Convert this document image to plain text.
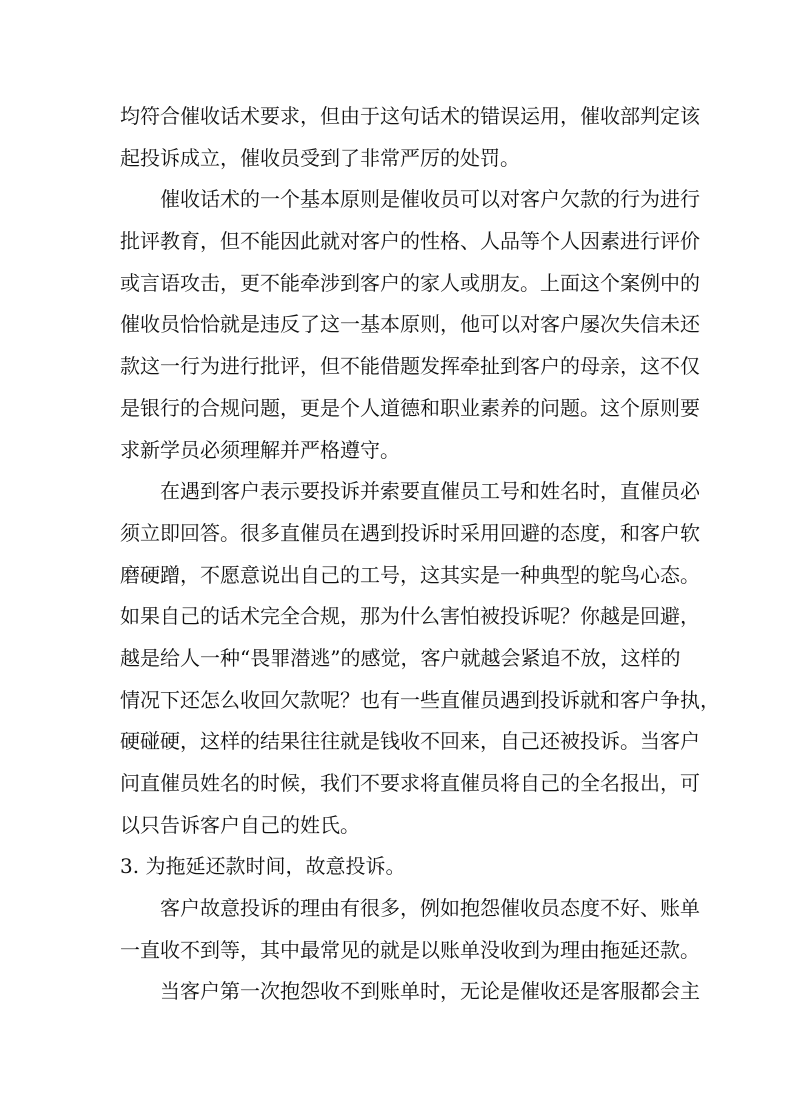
均符合催收话术要求，但由于这句话术的错误运用，催收部判定该
起投诉成立，催收员受到了非常严厉的处罚。
催收话术的一个基本原则是催收员可以对客户欠款的行为进行
批评教育，但不能因此就对客户的性格、人品等个人因素进行评价
或言语攻击，更不能牵涉到客户的家人或朋友。上面这个案例中的
催收员恰恰就是违反了这一基本原则，他可以对客户屡次失信未还
款这一行为进行批评，但不能借题发挥牵扯到客户的母亲，这不仅
是银行的合规问题，更是个人道德和职业素养的问题。这个原则要
求新学员必须理解并严格遵守。
在遇到客户表示要投诉并索要直催员工号和姓名时，直催员必
须立即回答。很多直催员在遇到投诉时采用回避的态度，和客户软
磨硬蹭，不愿意说出自己的工号，这其实是一种典型的鸵鸟心态。
如果自己的话术完全合规，那为什么害怕被投诉呢？你越是回避，
越是给人一种“畏罪潜逃”的感觉，客户就越会紧追不放，这样的
情况下还怎么收回欠款呢？也有一些直催员遇到投诉就和客户争执，
硬碰硬，这样的结果往往就是钱收不回来，自己还被投诉。当客户
问直催员姓名的时候，我们不要求将直催员将自己的全名报出，可
以只告诉客户自己的姓氏。
3. 为拖延还款时间，故意投诉。
客户故意投诉的理由有很多，例如抱怨催收员态度不好、账单
一直收不到等，其中最常见的就是以账单没收到为理由拖延还款。
当客户第一次抱怨收不到账单时，无论是催收还是客服都会主
